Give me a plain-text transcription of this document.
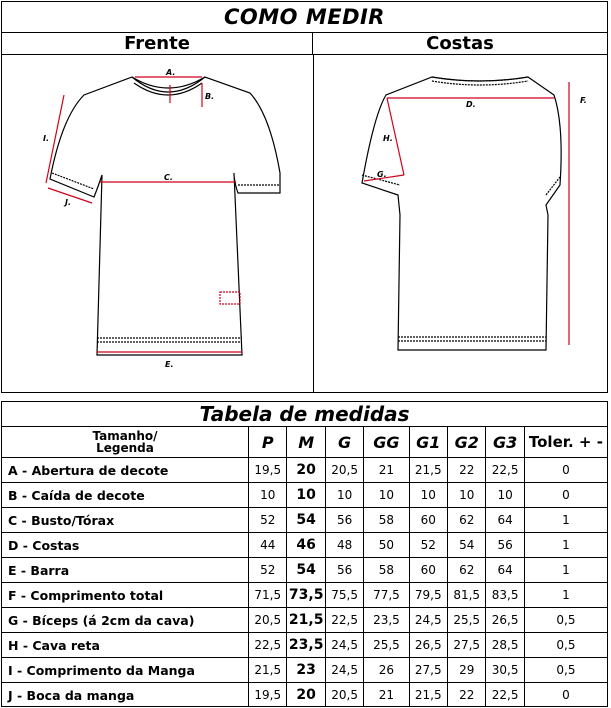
COMO MEDIR
Frente	Costas
A.
B.
C.
E.
I.
J.
D.	F.
G.
H.
Tabela de medidas
Tamanho/
Legenda	P	M	G	GG	G1	G2	G3	Toler. + -
A - Abertura de decote	19,5	20	20,5	21	21,5	22	22,5	0
B - Caída de decote	10	10	10	10	10	10	10	0
C - Busto/Tórax	52	54	56	58	60	62	64	1
D - Costas	44	46	48	50	52	54	56	1
E - Barra	52	54	56	58	60	62	64	1
F - Comprimento total	71,5	73,5	75,5	77,5	79,5	81,5	83,5	1
G - Bíceps (á 2cm da cava)	20,5	21,5	22,5	23,5	24,5	25,5	26,5	0,5
H - Cava reta	22,5	23,5	24,5	25,5	26,5	27,5	28,5	0,5
I - Comprimento da Manga	21,5	23	24,5	26	27,5	29	30,5	0,5
J - Boca da manga	19,5	20	20,5	21	21,5	22	22,5	0
